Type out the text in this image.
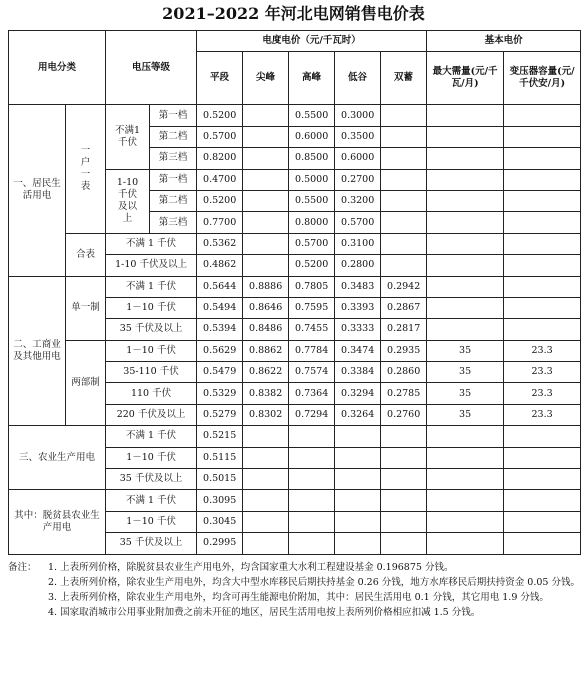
2021–2022 年河北电网销售电价表
用电分类		电压等级		电度电价（元/千瓦时）					基本电价	
				平段	尖峰	高峰	低谷	双蓄	最大需量(元/千瓦/月)	变压器容量(元/千伏安/月)
一、居民生活用电	一户一表	不满1千伏	第一档	0.5200		0.5500	0.3000			
			第二档	0.5700		0.6000	0.3500			
			第三档	0.8200		0.8500	0.6000			
		1-10千伏及以上	第一档	0.4700		0.5000	0.2700			
			第二档	0.5200		0.5500	0.3200			
			第三档	0.7700		0.8000	0.5700			
	合表	不满 1 千伏		0.5362		0.5700	0.3100			
		1-10 千伏及以上		0.4862		0.5200	0.2800			
二、工商业及其他用电	单一制	不满 1 千伏		0.5644	0.8886	0.7805	0.3483	0.2942		
		1－10 千伏		0.5494	0.8646	0.7595	0.3393	0.2867		
		35 千伏及以上		0.5394	0.8486	0.7455	0.3333	0.2817		
	两部制	1－10 千伏		0.5629	0.8862	0.7784	0.3474	0.2935	35	23.3
		35-110 千伏		0.5479	0.8622	0.7574	0.3384	0.2860	35	23.3
		110 千伏		0.5329	0.8382	0.7364	0.3294	0.2785	35	23.3
		220 千伏及以上		0.5279	0.8302	0.7294	0.3264	0.2760	35	23.3
三、农业生产用电		不满 1 千伏		0.5215						
		1－10 千伏		0.5115						
		35 千伏及以上		0.5015						
其中：脱贫县农业生产用电		不满 1 千伏		0.3095						
		1－10 千伏		0.3045						
		35 千伏及以上		0.2995						
备注：	1. 上表所列价格，除脱贫县农业生产用电外，均含国家重大水利工程建设基金 0.196875 分钱。
2. 上表所列价格，除农业生产用电外，均含大中型水库移民后期扶持基金 0.26 分钱，地方水库移民后期扶持资金 0.05 分钱。
3. 上表所列价格，除农业生产用电外，均含可再生能源电价附加，其中：居民生活用电 0.1 分钱，其它用电 1.9 分钱。
4. 国家取消城市公用事业附加费之前未开征的地区，居民生活用电按上表所列价格相应扣减 1.5 分钱。
